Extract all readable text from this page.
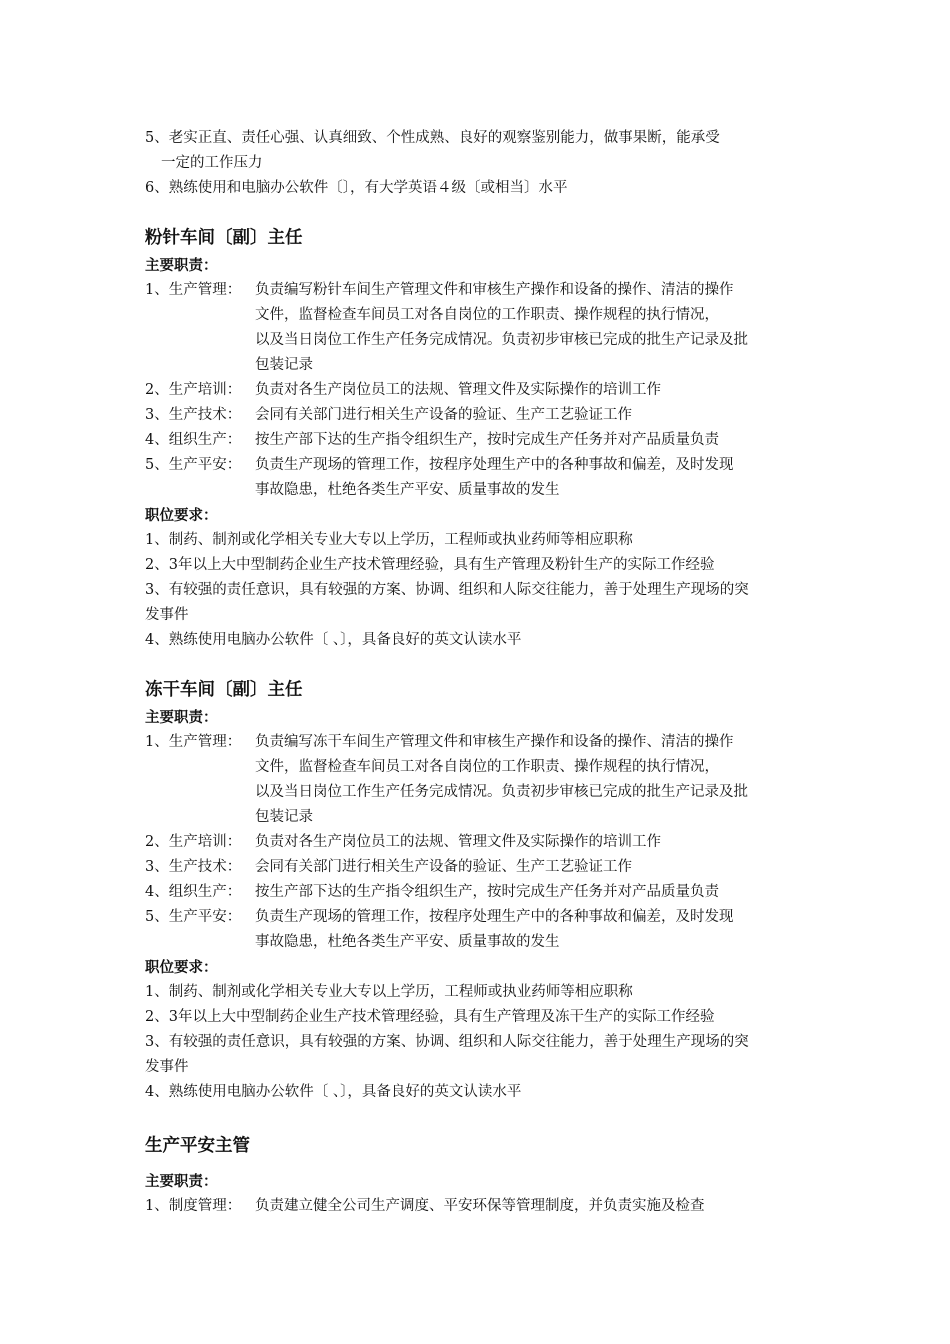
5、老实正直、责任心强、认真细致、个性成熟、良好的观察鉴别能力，做事果断，能承受
一定的工作压力
6、熟练使用和电脑办公软件〔〕，有大学英语４级〔或相当〕水平
粉针车间〔副〕主任
主要职责：
1、生产管理： 负责编写粉针车间生产管理文件和审核生产操作和设备的操作、清洁的操作
文件，监督检查车间员工对各自岗位的工作职责、操作规程的执行情况，
以及当日岗位工作生产任务完成情况。负责初步审核已完成的批生产记录及批
包装记录
2、生产培训： 负责对各生产岗位员工的法规、管理文件及实际操作的培训工作
3、生产技术： 会同有关部门进行相关生产设备的验证、生产工艺验证工作
4、组织生产： 按生产部下达的生产指令组织生产，按时完成生产任务并对产品质量负责
5、生产平安： 负责生产现场的管理工作，按程序处理生产中的各种事故和偏差，及时发现
事故隐患，杜绝各类生产平安、质量事故的发生
职位要求：
1、制药、制剂或化学相关专业大专以上学历，工程师或执业药师等相应职称
2、3年以上大中型制药企业生产技术管理经验，具有生产管理及粉针生产的实际工作经验
3、有较强的责任意识，具有较强的方案、协调、组织和人际交往能力，善于处理生产现场的突
发事件
4、熟练使用电脑办公软件〔 、〕，具备良好的英文认读水平
冻干车间〔副〕主任
主要职责：
1、生产管理： 负责编写冻干车间生产管理文件和审核生产操作和设备的操作、清洁的操作
文件，监督检查车间员工对各自岗位的工作职责、操作规程的执行情况，
以及当日岗位工作生产任务完成情况。负责初步审核已完成的批生产记录及批
包装记录
2、生产培训： 负责对各生产岗位员工的法规、管理文件及实际操作的培训工作
3、生产技术： 会同有关部门进行相关生产设备的验证、生产工艺验证工作
4、组织生产： 按生产部下达的生产指令组织生产，按时完成生产任务并对产品质量负责
5、生产平安： 负责生产现场的管理工作，按程序处理生产中的各种事故和偏差，及时发现
事故隐患，杜绝各类生产平安、质量事故的发生
职位要求：
1、制药、制剂或化学相关专业大专以上学历，工程师或执业药师等相应职称
2、3年以上大中型制药企业生产技术管理经验，具有生产管理及冻干生产的实际工作经验
3、有较强的责任意识，具有较强的方案、协调、组织和人际交往能力，善于处理生产现场的突
发事件
4、熟练使用电脑办公软件〔 、〕，具备良好的英文认读水平
生产平安主管
主要职责：
1、制度管理： 负责建立健全公司生产调度、平安环保等管理制度，并负责实施及检查
